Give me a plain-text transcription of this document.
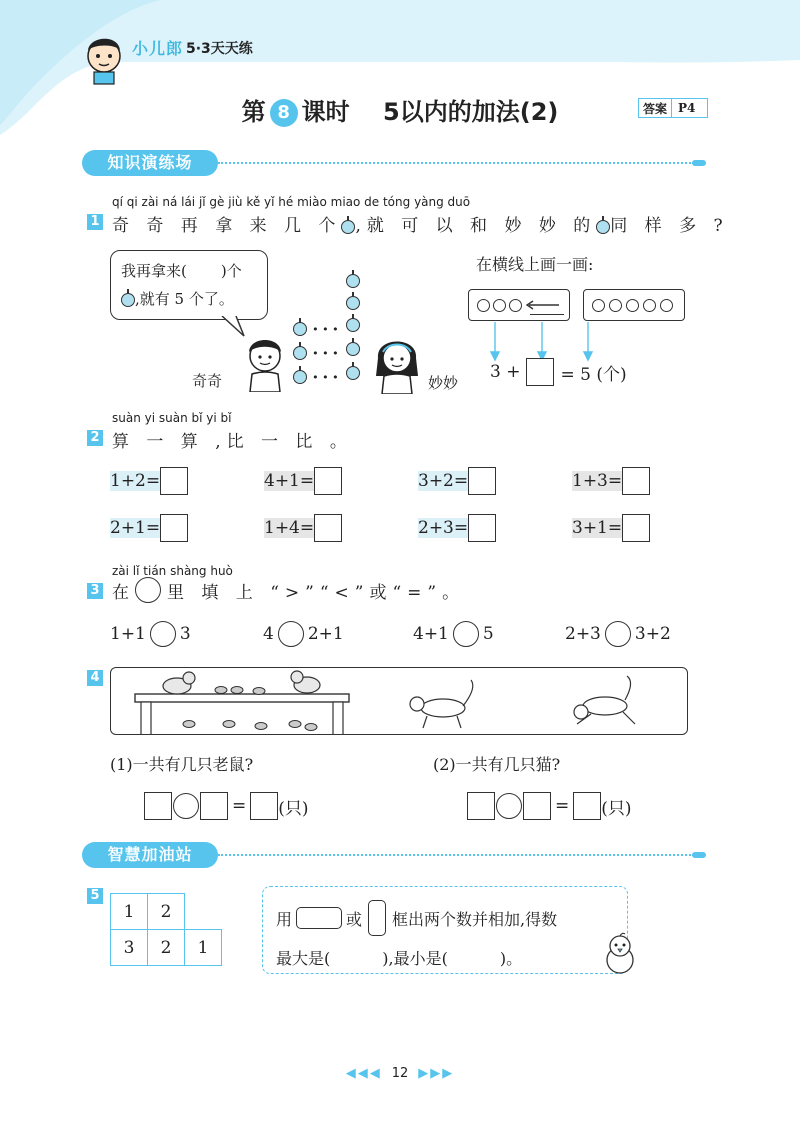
小儿郎 5·3天天练
第 8 课时 5以内的加法(2)	答案 P4
知识演练场
qí qi zài ná lái jǐ gè jiù kě yǐ hé miào miao de tóng yàng duō
1 奇 奇 再 拿 来 几 个 ,就 可 以 和 妙 妙 的 同 样 多 ?
我再拿来( )个
,就有 5 个了。
• • •
• • •
• • •
奇奇	妙妙
在横线上画一画:
3 + = 5 (个)
suàn yi suàn bǐ yi bǐ
2 算 一 算 ,比 一 比 。
1+2=	4+1=	3+2=	1+3=
2+1=	1+4=	2+3=	3+1=
zài lǐ tián shàng huò
3 在 里 填 上 “>”“<”或“=”。
1+1 3	4 2+1	4+1 5	2+3 3+2
4
(1)一共有几只老鼠?	(2)一共有几只猫?
= (只)	= (只)
智慧加油站
5
1	2	
3	2	1
用	或 框出两个数并相加,得数
最大是(	),最小是(	)。
◀◀◀ 12 ▶▶▶
